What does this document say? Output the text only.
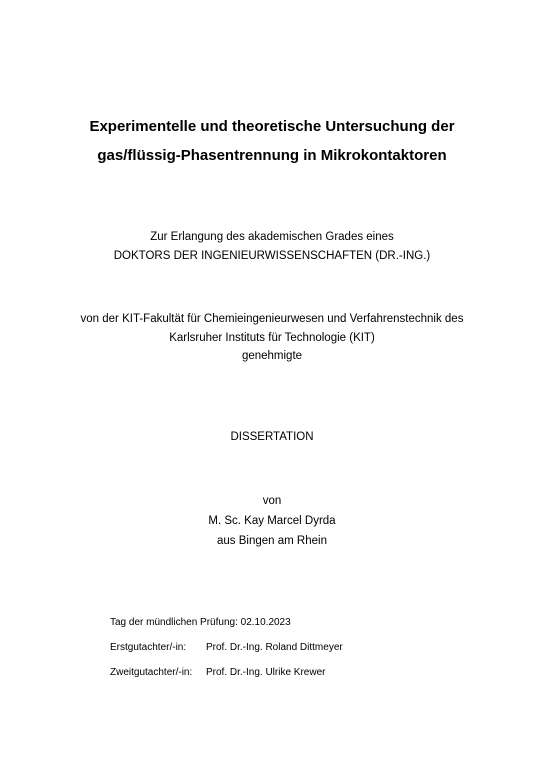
Experimentelle und theoretische Untersuchung der
gas/flüssig-Phasentrennung in Mikrokontaktoren
Zur Erlangung des akademischen Grades eines
DOKTORS DER INGENIEURWISSENSCHAFTEN (DR.-ING.)
von der KIT-Fakultät für Chemieingenieurwesen und Verfahrenstechnik des
Karlsruher Instituts für Technologie (KIT)
genehmigte
DISSERTATION
von
M. Sc. Kay Marcel Dyrda
aus Bingen am Rhein
Tag der mündlichen Prüfung: 02.10.2023
Erstgutachter/-in: Prof. Dr.-Ing. Roland Dittmeyer
Zweitgutachter/-in: Prof. Dr.-Ing. Ulrike Krewer
